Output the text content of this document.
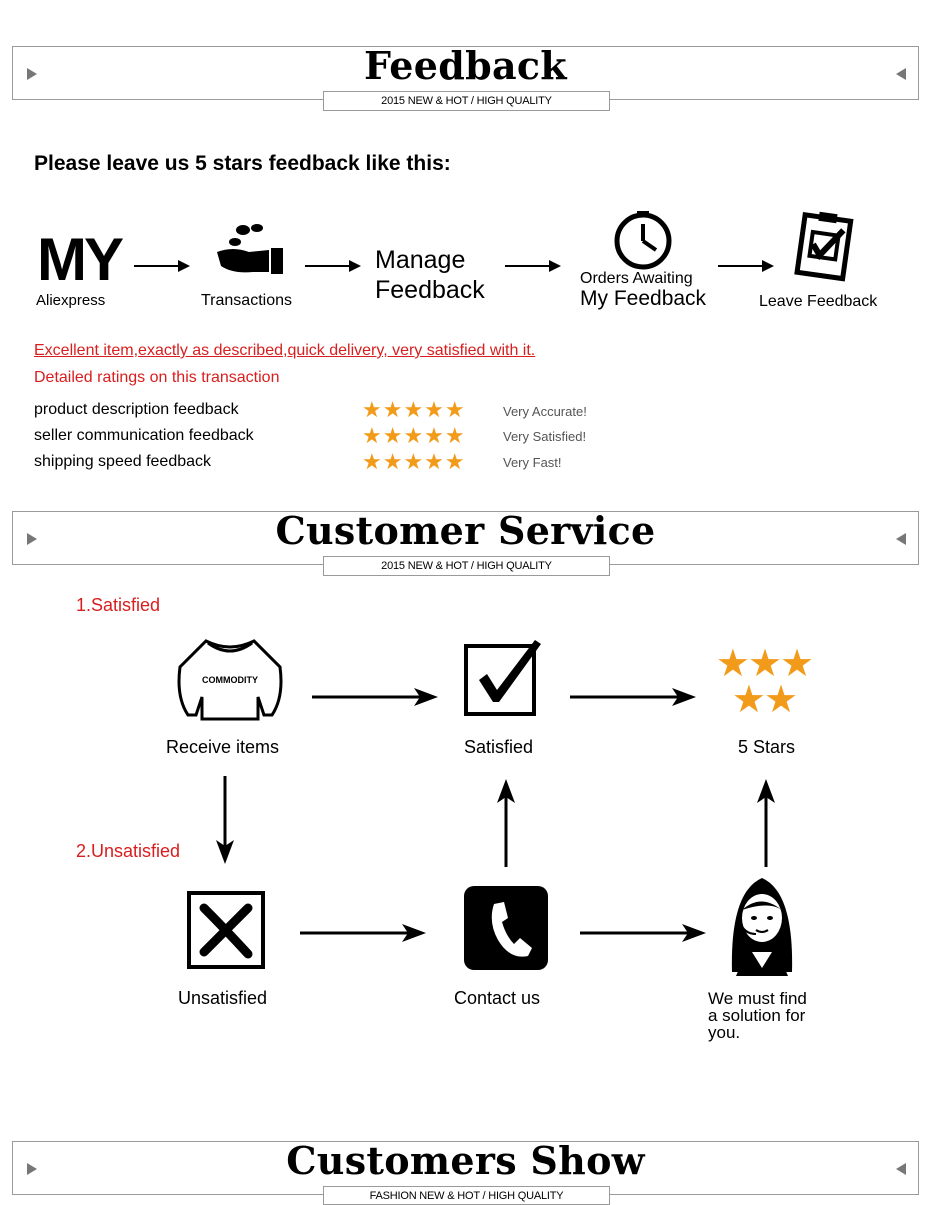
Feedback
2015 NEW & HOT / HIGH QUALITY
Please leave us 5 stars feedback like this:
MY
Aliexpress	Transactions
Manage
Feedback	Orders Awaiting
My Feedback	Leave Feedback
Excellent item,exactly as described,quick delivery, very satisfied with it.
Detailed ratings on this transaction
product description feedback	★★★★★	Very Accurate!
seller communication feedback	★★★★★	Very Satisfied!
shipping speed feedback	★★★★★	Very Fast!
Customer Service
2015 NEW & HOT / HIGH QUALITY
1.Satisfied
COMMODITY
Receive items	Satisfied
★★★
★★
5 Stars
2.Unsatisfied
Unsatisfied	Contact us	We must find
a solution for
you.
Customers Show
FASHION NEW & HOT / HIGH QUALITY
